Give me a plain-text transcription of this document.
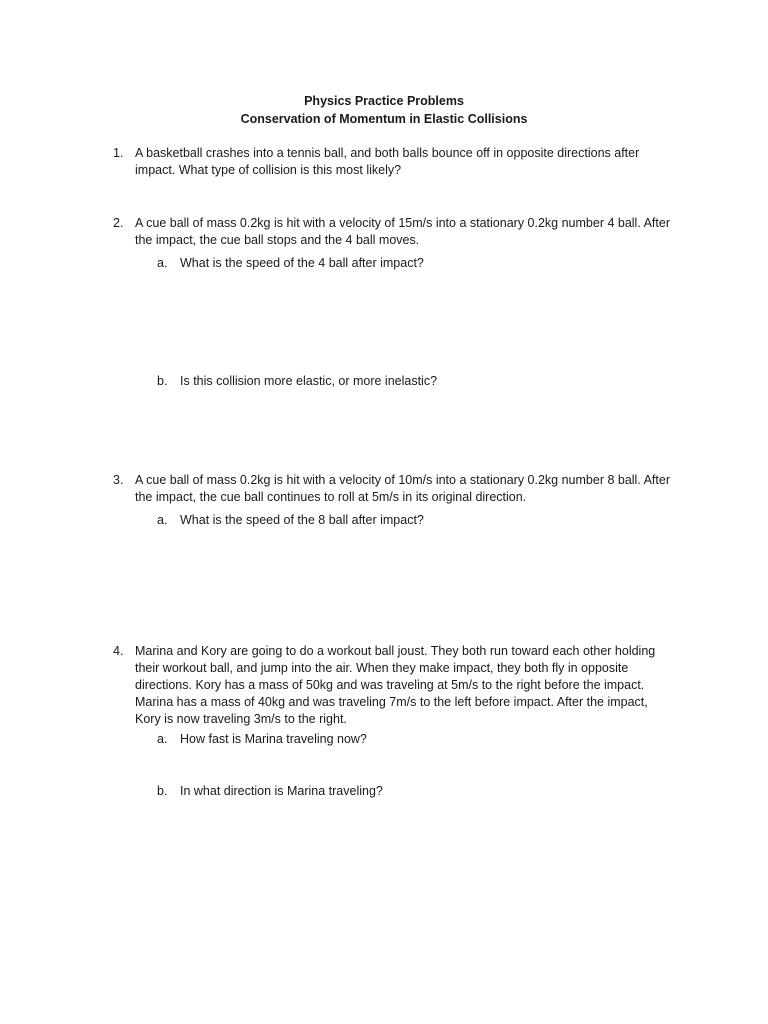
Physics Practice Problems
Conservation of Momentum in Elastic Collisions
1. A basketball crashes into a tennis ball, and both balls bounce off in opposite directions after impact. What type of collision is this most likely?
2. A cue ball of mass 0.2kg is hit with a velocity of 15m/s into a stationary 0.2kg number 4 ball. After the impact, the cue ball stops and the 4 ball moves.
a.	What is the speed of the 4 ball after impact?
b.	Is this collision more elastic, or more inelastic?
3. A cue ball of mass 0.2kg is hit with a velocity of 10m/s into a stationary 0.2kg number 8 ball. After the impact, the cue ball continues to roll at 5m/s in its original direction.
a.	What is the speed of the 8 ball after impact?
4. Marina and Kory are going to do a workout ball joust. They both run toward each other holding their workout ball, and jump into the air. When they make impact, they both fly in opposite directions. Kory has a mass of 50kg and was traveling at 5m/s to the right before the impact. Marina has a mass of 40kg and was traveling 7m/s to the left before impact. After the impact, Kory is now traveling 3m/s to the right.
a.	How fast is Marina traveling now?
b.	In what direction is Marina traveling?
